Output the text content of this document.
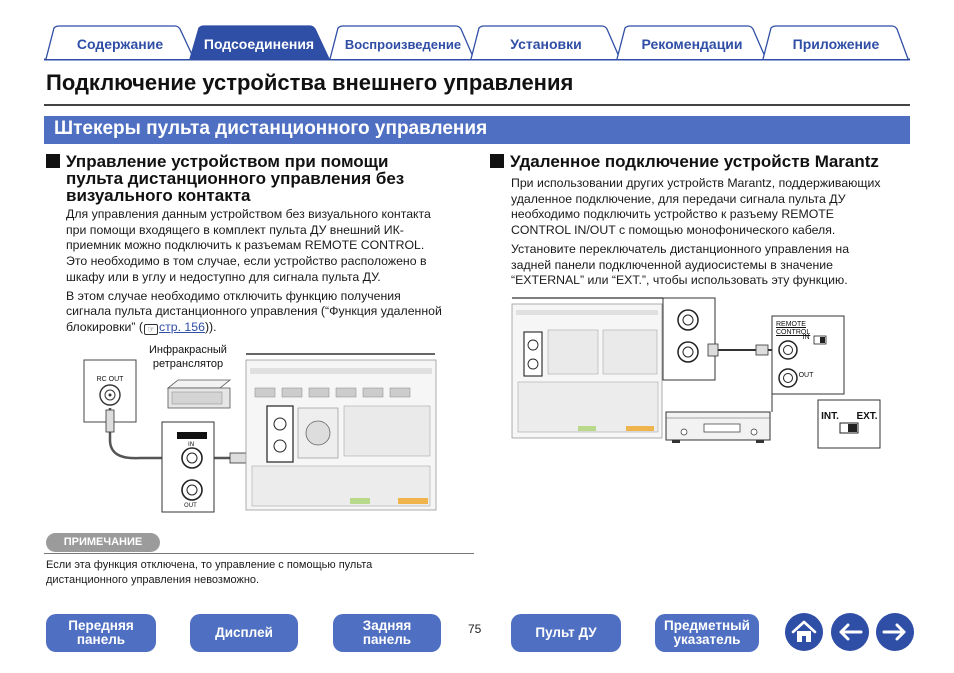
Содержание	Подсоединения	Воспроизведение	Установки	Рекомендации	Приложение
Подключение устройства внешнего управления
Штекеры пульта дистанционного управления
Управление устройством при помощи
пульта дистанционного управления без
визуального контакта

Для управления данным устройством без визуального контакта
при помощи входящего в комплект пульта ДУ внешний ИК-
приемник можно подключить к разъемам REMOTE CONTROL.
Это необходимо в том случае, если устройство расположено в
шкафу или в углу и недоступно для сигнала пульта ДУ.

В этом случае необходимо отключить функцию получения
сигнала пульта дистанционного управления (“Функция удаленной
блокировки” ( ☞ стр. 156)).

IN
OUT
Инфракрасный
ретранслятор
RC OUT
Удаленное подключение устройств Marantz

При использовании других устройств Marantz, поддерживающих
удаленное подключение, для передачи сигнала пульта ДУ
необходимо подключить устройство к разъему REMOTE
CONTROL IN/OUT с помощью монофонического кабеля.

Установите переключатель дистанционного управления на
задней панели подключенной аудиосистемы в значение
“EXTERNAL” или “EXT.”, чтобы использовать эту функцию.

REMOTE CONTROL
IN
OUT
INT. EXT.
ПРИМЕЧАНИЕ
Если эта функция отключена, то управление с помощью пульта
дистанционного управления невозможно.
Передняя
панель	Дисплей	Задняя
панель
75	Пульт ДУ	Предметный
указатель
